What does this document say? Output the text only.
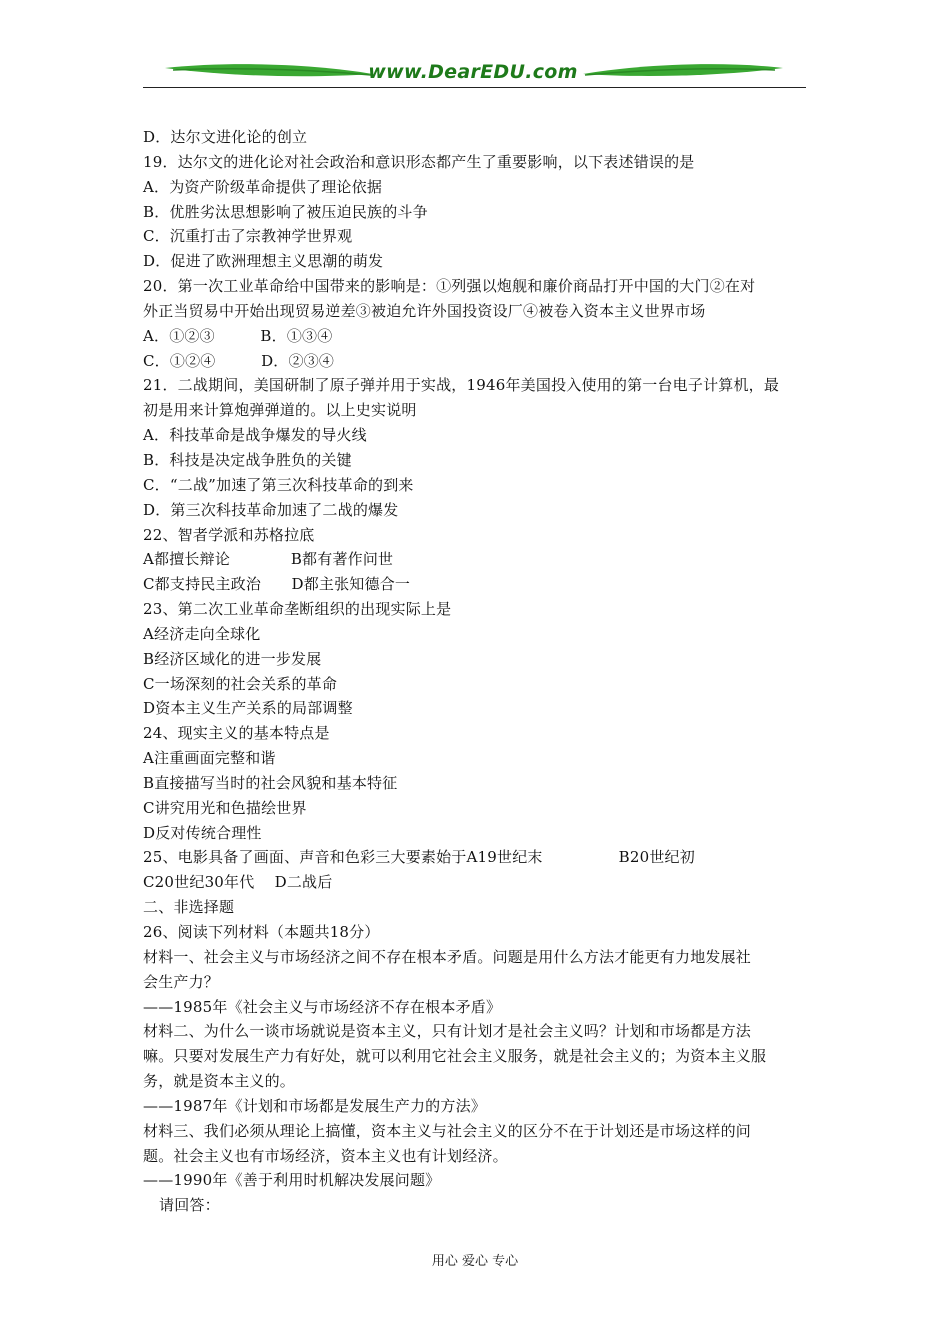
www.DearEDU.com
D．达尔文进化论的创立
19．达尔文的进化论对社会政治和意识形态都产生了重要影响，以下表述错误的是
A．为资产阶级革命提供了理论依据
B．优胜劣汰思想影响了被压迫民族的斗争
C．沉重打击了宗教神学世界观
D．促进了欧洲理想主义思潮的萌发
20．第一次工业革命给中国带来的影响是：①列强以炮舰和廉价商品打开中国的大门②在对
外正当贸易中开始出现贸易逆差③被迫允许外国投资设厂④被卷入资本主义世界市场
A．①②③　　　B．①③④
C．①②④　　　D．②③④
21．二战期间，美国研制了原子弹并用于实战，1946年美国投入使用的第一台电子计算机，最
初是用来计算炮弹弹道的。以上史实说明
A．科技革命是战争爆发的导火线
B．科技是决定战争胜负的关键
C．“二战”加速了第三次科技革命的到来
D．第三次科技革命加速了二战的爆发
22、智者学派和苏格拉底
A都擅长辩论　　　　B都有著作问世
C都支持民主政治　　D都主张知德合一
23、第二次工业革命垄断组织的出现实际上是
A经济走向全球化
B经济区域化的进一步发展
C一场深刻的社会关系的革命
D资本主义生产关系的局部调整
24、现实主义的基本特点是
A注重画面完整和谐
B直接描写当时的社会风貌和基本特征
C讲究用光和色描绘世界
D反对传统合理性
25、电影具备了画面、声音和色彩三大要素始于A19世纪末　　　　　B20世纪初
C20世纪30年代　 D二战后
二、非选择题
26、阅读下列材料（本题共18分）
材料一、社会主义与市场经济之间不存在根本矛盾。问题是用什么方法才能更有力地发展社
会生产力？
——1985年《社会主义与市场经济不存在根本矛盾》
材料二、为什么一谈市场就说是资本主义，只有计划才是社会主义吗？计划和市场都是方法
嘛。只要对发展生产力有好处，就可以利用它社会主义服务，就是社会主义的；为资本主义服
务，就是资本主义的。
——1987年《计划和市场都是发展生产力的方法》
材料三、我们必须从理论上搞懂，资本主义与社会主义的区分不在于计划还是市场这样的问
题。社会主义也有市场经济，资本主义也有计划经济。
——1990年《善于利用时机解决发展问题》
请回答：
用心 爱心 专心
